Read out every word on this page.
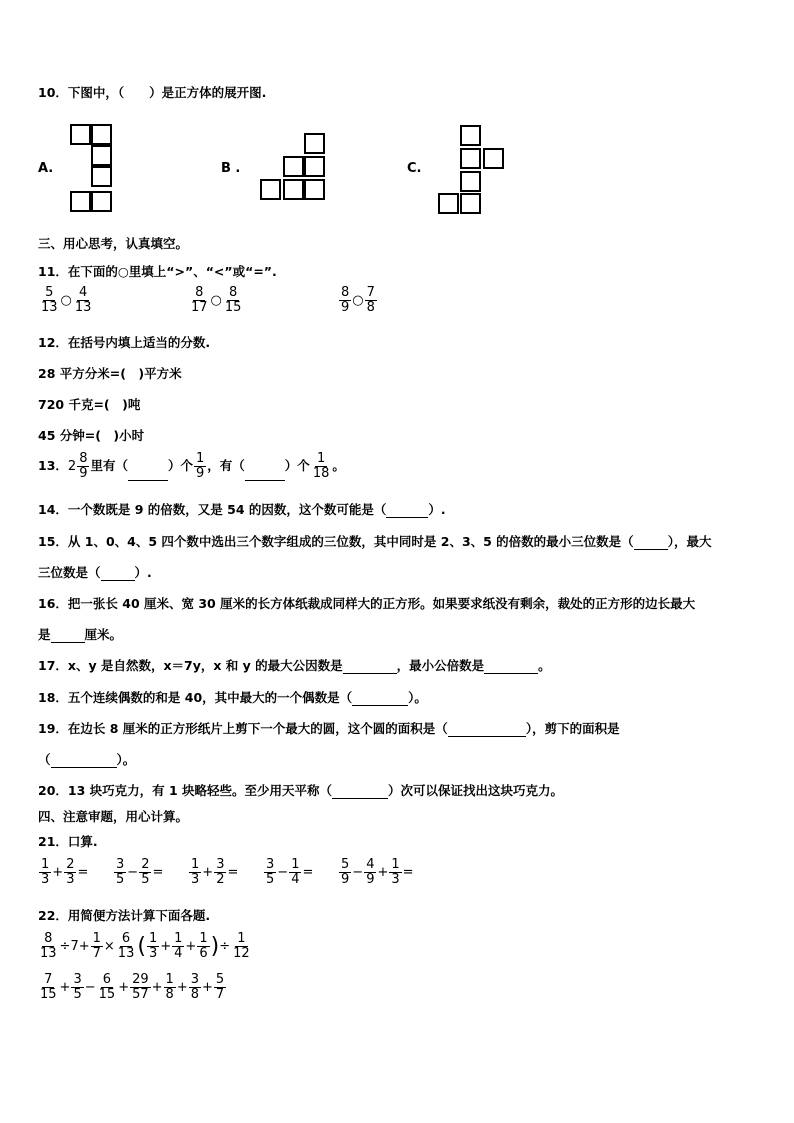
10．下图中，（　　）是正方体的展开图.
A.	B .	C.
三、用心思考，认真填空。
11．在下面的○里填上“>”、“<”或“=”.
$\frac{5}{13}$ ○ $\frac{4}{13}$	$\frac{8}{17}$ ○ $\frac{8}{15}$	$\frac{8}{9}$ ○ $\frac{7}{8}$
12．在括号内填上适当的分数.
28 平方分米=(　)平方米
720 千克=(　)吨
45 分钟=(　)小时
13．$2 \frac{8}{9}$ 里有（	）个 $\frac{1}{9}$ ，有（	）个 $\frac{1}{18}$ 。
14．一个数既是 9 的倍数，又是 54 的因数，这个数可能是（	）.
15．从 1、0、4、5 四个数中选出三个数字组成的三位数，其中同时是 2、3、5 的倍数的最小三位数是（	），最大
三位数是（	）.
16．把一张长 40 厘米、宽 30 厘米的长方体纸裁成同样大的正方形。如果要求纸没有剩余，裁处的正方形的边长最大
是	厘米。
17．x、y 是自然数，x＝7y，x 和 y 的最大公因数是	，最小公倍数是	。
18．五个连续偶数的和是 40，其中最大的一个偶数是（	）。
19．在边长 8 厘米的正方形纸片上剪下一个最大的圆，这个圆的面积是（	），剪下的面积是
（	）。
20．13 块巧克力，有 1 块略轻些。至少用天平称（	）次可以保证找出这块巧克力。
四、注意审题，用心计算。
21．口算.
$\frac{1}{3} + \frac{2}{3} = \frac{3}{5} - \frac{2}{5} = \frac{1}{3} + \frac{3}{2} = \frac{3}{5} - \frac{1}{4} = \frac{5}{9} - \frac{4}{9} + \frac{1}{3}$ =
22．用简便方法计算下面各题.
$\frac{8}{13} \div 7+ \frac{1}{7} \times \frac{6}{13}$ ( $\frac{1}{3} + \frac{1}{4} + \frac{1}{6}$ )÷ $\frac{1}{12}$
$\frac{7}{15} + \frac{3}{5} - \frac{6}{15} + \frac{29}{57} + \frac{1}{8} + \frac{3}{8} + \frac{5}{7}$
